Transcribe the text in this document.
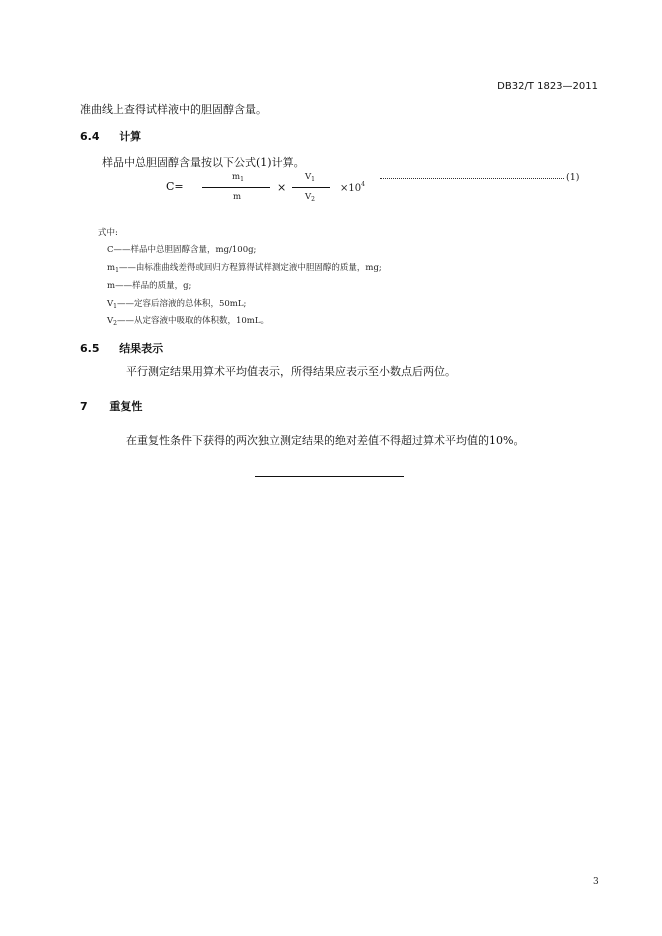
DB32/T 1823—2011
准曲线上查得试样液中的胆固醇含量。
6.4 计算
样品中总胆固醇含量按以下公式(1)计算。
C=
$m_1$
m
×
$V_1$
$V_2$
$\times 10^4$
(1)
式中:
C——样品中总胆固醇含量，mg/100g;
$m_1——$由标准曲线差得或回归方程算得试样测定液中胆固醇的质量，mg;
m——样品的质量，g;
$V_1——$定容后溶液的总体积，50mL;
$V_2——$从定容液中吸取的体积数，10mL。
6.5 结果表示
平行测定结果用算术平均值表示，所得结果应表示至小数点后两位。
7 重复性
在重复性条件下获得的两次独立测定结果的绝对差值不得超过算术平均值的10%。
3
